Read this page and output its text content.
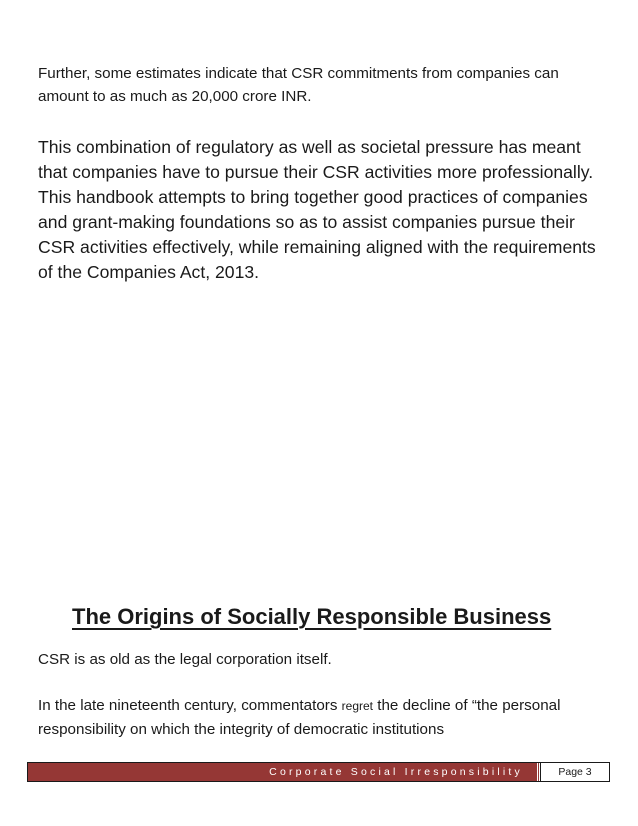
Further, some estimates indicate that CSR commitments from companies can amount to as much as 20,000 crore INR.

This combination of regulatory as well as societal pressure has meant that companies have to pursue their CSR activities more professionally. This handbook attempts to bring together good practices of companies and grant-making foundations so as to assist companies pursue their CSR activities effectively, while remaining aligned with the requirements of the Companies Act, 2013.

The Origins of Socially Responsible Business

CSR is as old as the legal corporation itself.

In the late nineteenth century, commentators regret the decline of “the personal responsibility on which the integrity of democratic institutions

Corporate Social Irresponsibility	Page 3
